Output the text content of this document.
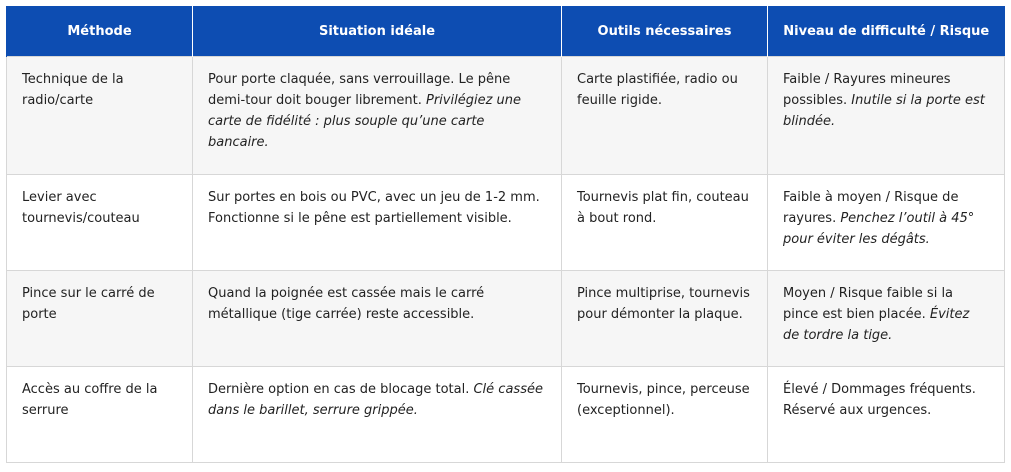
Méthode	Situation idéale	Outils nécessaires	Niveau de difficulté / Risque
Technique de la radio/carte	Pour porte claquée, sans verrouillage. Le pêne demi-tour doit bouger librement. Privilégiez une carte de fidélité : plus souple qu’une carte bancaire.	Carte plastifiée, radio ou feuille rigide.	Faible / Rayures mineures possibles. Inutile si la porte est blindée.
Levier avec tournevis/couteau	Sur portes en bois ou PVC, avec un jeu de 1-2 mm. Fonctionne si le pêne est partiellement visible.	Tournevis plat fin, couteau à bout rond.	Faible à moyen / Risque de rayures. Penchez l’outil à 45° pour éviter les dégâts.
Pince sur le carré de porte	Quand la poignée est cassée mais le carré métallique (tige carrée) reste accessible.	Pince multiprise, tournevis pour démonter la plaque.	Moyen / Risque faible si la pince est bien placée. Évitez de tordre la tige.
Accès au coffre de la serrure	Dernière option en cas de blocage total. Clé cassée dans le barillet, serrure grippée.	Tournevis, pince, perceuse (exceptionnel).	Élevé / Dommages fréquents. Réservé aux urgences.
